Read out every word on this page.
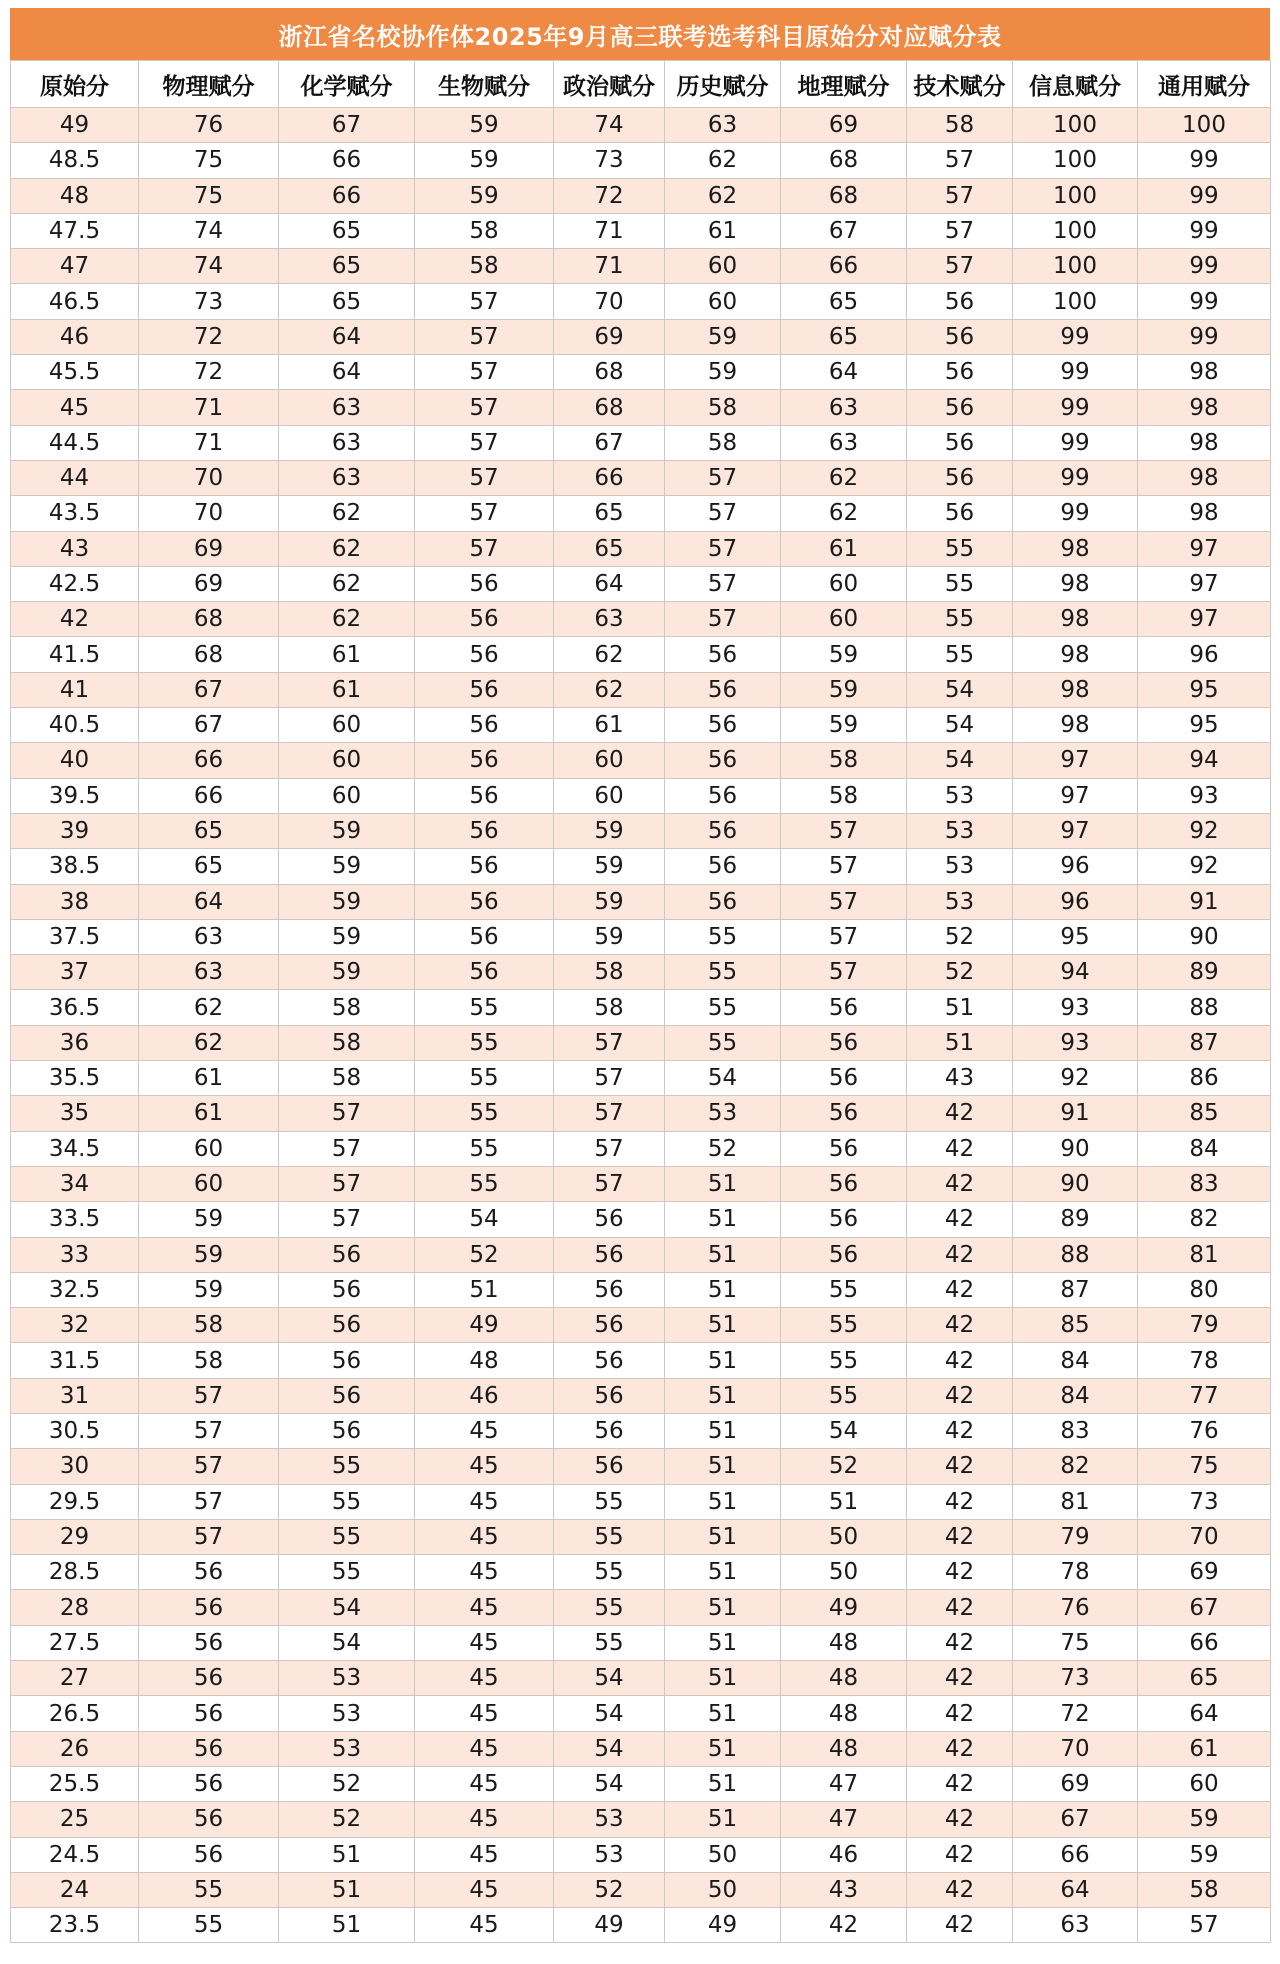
浙江省名校协作体2025年9月高三联考选考科目原始分对应赋分表
原始分	物理赋分	化学赋分	生物赋分	政治赋分	历史赋分	地理赋分	技术赋分	信息赋分	通用赋分
49	76	67	59	74	63	69	58	100	100
48.5	75	66	59	73	62	68	57	100	99
48	75	66	59	72	62	68	57	100	99
47.5	74	65	58	71	61	67	57	100	99
47	74	65	58	71	60	66	57	100	99
46.5	73	65	57	70	60	65	56	100	99
46	72	64	57	69	59	65	56	99	99
45.5	72	64	57	68	59	64	56	99	98
45	71	63	57	68	58	63	56	99	98
44.5	71	63	57	67	58	63	56	99	98
44	70	63	57	66	57	62	56	99	98
43.5	70	62	57	65	57	62	56	99	98
43	69	62	57	65	57	61	55	98	97
42.5	69	62	56	64	57	60	55	98	97
42	68	62	56	63	57	60	55	98	97
41.5	68	61	56	62	56	59	55	98	96
41	67	61	56	62	56	59	54	98	95
40.5	67	60	56	61	56	59	54	98	95
40	66	60	56	60	56	58	54	97	94
39.5	66	60	56	60	56	58	53	97	93
39	65	59	56	59	56	57	53	97	92
38.5	65	59	56	59	56	57	53	96	92
38	64	59	56	59	56	57	53	96	91
37.5	63	59	56	59	55	57	52	95	90
37	63	59	56	58	55	57	52	94	89
36.5	62	58	55	58	55	56	51	93	88
36	62	58	55	57	55	56	51	93	87
35.5	61	58	55	57	54	56	43	92	86
35	61	57	55	57	53	56	42	91	85
34.5	60	57	55	57	52	56	42	90	84
34	60	57	55	57	51	56	42	90	83
33.5	59	57	54	56	51	56	42	89	82
33	59	56	52	56	51	56	42	88	81
32.5	59	56	51	56	51	55	42	87	80
32	58	56	49	56	51	55	42	85	79
31.5	58	56	48	56	51	55	42	84	78
31	57	56	46	56	51	55	42	84	77
30.5	57	56	45	56	51	54	42	83	76
30	57	55	45	56	51	52	42	82	75
29.5	57	55	45	55	51	51	42	81	73
29	57	55	45	55	51	50	42	79	70
28.5	56	55	45	55	51	50	42	78	69
28	56	54	45	55	51	49	42	76	67
27.5	56	54	45	55	51	48	42	75	66
27	56	53	45	54	51	48	42	73	65
26.5	56	53	45	54	51	48	42	72	64
26	56	53	45	54	51	48	42	70	61
25.5	56	52	45	54	51	47	42	69	60
25	56	52	45	53	51	47	42	67	59
24.5	56	51	45	53	50	46	42	66	59
24	55	51	45	52	50	43	42	64	58
23.5	55	51	45	49	49	42	42	63	57
